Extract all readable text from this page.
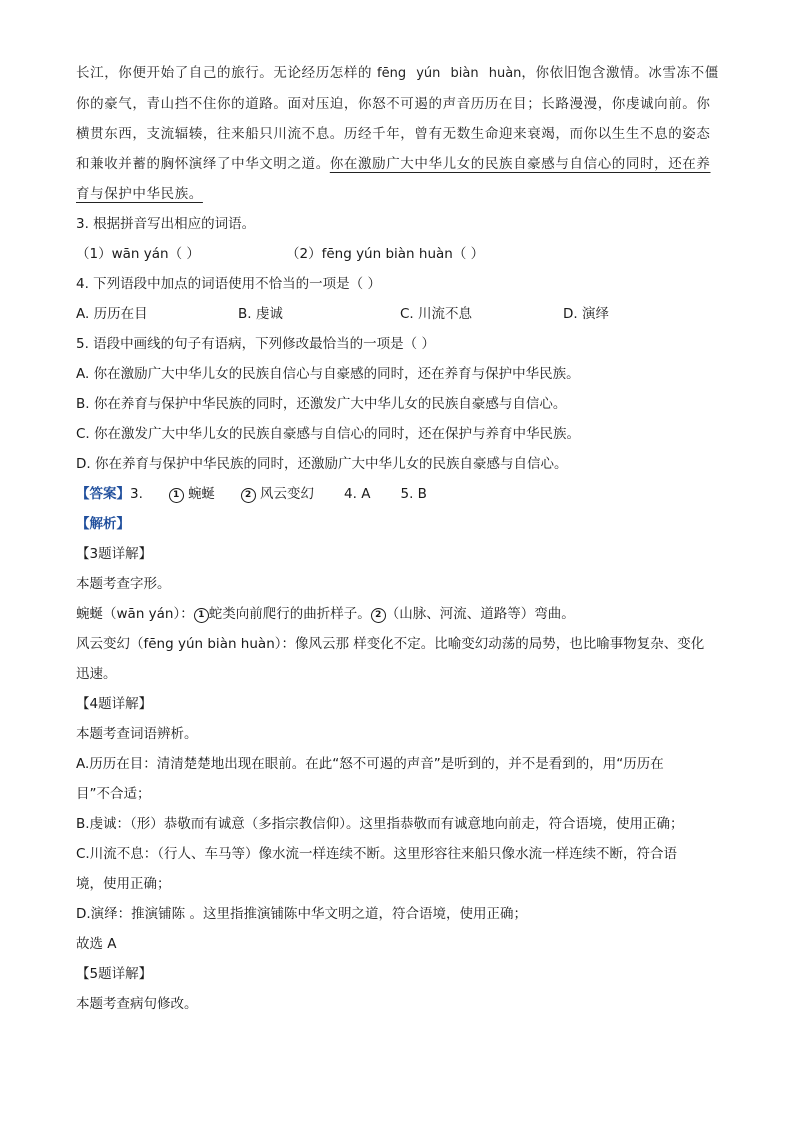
长江，你便开始了自己的旅行。无论经历怎样的 fēng yún biàn huàn，你依旧饱含激情。冰雪冻不僵

你的豪气，青山挡不住你的道路。面对压迫，你怒不可遏的声音历历在目；长路漫漫，你虔诚向前。你

横贯东西，支流辐辏，往来船只川流不息。历经千年，曾有无数生命迎来衰竭，而你以生生不息的姿态

和兼收并蓄的胸怀演绎了中华文明之道。你在激励广大中华儿女的民族自豪感与自信心的同时，还在养

育与保护中华民族。

3. 根据拼音写出相应的词语。

（1）wān yán（ ）	（2）fēng yún biàn huàn（ ）

4. 下列语段中加点的词语使用不恰当的一项是（ ）

A. 历历在目	B. 虔诚	C. 川流不息	D. 演绎

5. 语段中画线的句子有语病，下列修改最恰当的一项是（ ）

A. 你在激励广大中华儿女的民族自信心与自豪感的同时，还在养育与保护中华民族。

B. 你在养育与保护中华民族的同时，还激发广大中华儿女的民族自豪感与自信心。

C. 你在激发广大中华儿女的民族自豪感与自信心的同时，还在保护与养育中华民族。

D. 你在养育与保护中华民族的同时，还激励广大中华儿女的民族自豪感与自信心。

【答案】3.	1 蜿蜒	2 风云变幻 4. A 5. B

【解析】

【3题详解】

本题考查字形。

蜿蜒（wān yán）： 1 蛇类向前爬行的曲折样子。 2 （山脉、河流、道路等）弯曲。

风云变幻（fēng yún biàn huàn）：像风云那 样变化不定。比喻变幻动荡的局势，也比喻事物复杂、变化

迅速。

【4题详解】

本题考查词语辨析。

A.历历在目：清清楚楚地出现在眼前。在此“怒不可遏的声音”是听到的，并不是看到的，用“历历在

目”不合适；

B.虔诚：（形）恭敬而有诚意（多指宗教信仰）。这里指恭敬而有诚意地向前走，符合语境，使用正确；

C.川流不息：（行人、车马等）像水流一样连续不断。这里形容往来船只像水流一样连续不断，符合语

境，使用正确；

D.演绎：推演铺陈 。这里指推演铺陈中华文明之道，符合语境，使用正确；

故选 A

【5题详解】

本题考查病句修改。
